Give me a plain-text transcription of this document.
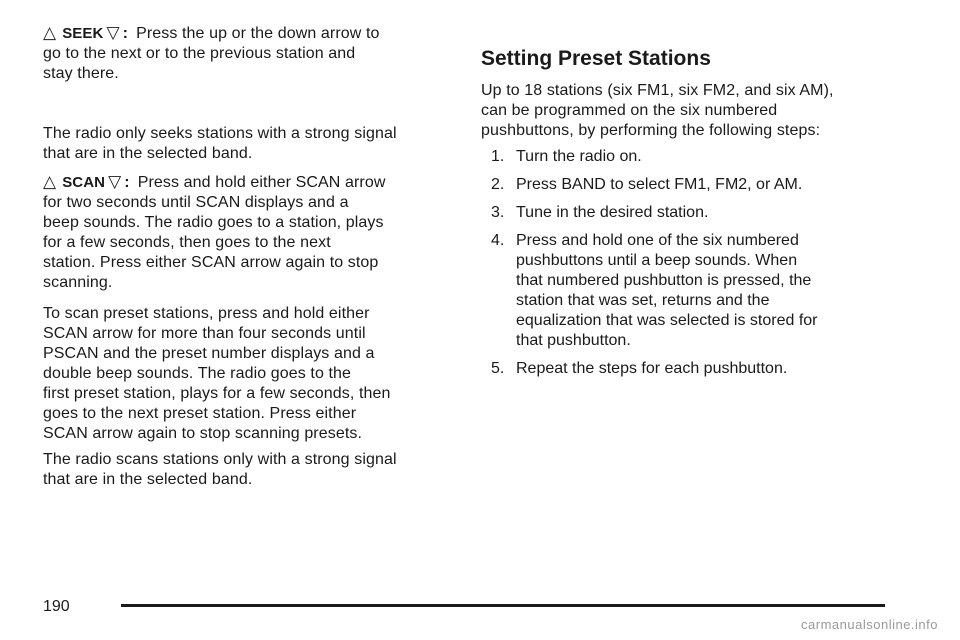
△ SEEK ▽ : Press the up or the down arrow to

go to the next or to the previous station and

stay there.

The radio only seeks stations with a strong signal

that are in the selected band.

△ SCAN ▽ : Press and hold either SCAN arrow

for two seconds until SCAN displays and a

beep sounds. The radio goes to a station, plays

for a few seconds, then goes to the next

station. Press either SCAN arrow again to stop

scanning.

To scan preset stations, press and hold either

SCAN arrow for more than four seconds until

PSCAN and the preset number displays and a

double beep sounds. The radio goes to the

first preset station, plays for a few seconds, then

goes to the next preset station. Press either

SCAN arrow again to stop scanning presets.

The radio scans stations only with a strong signal

that are in the selected band.

Setting Preset Stations

Up to 18 stations (six FM1, six FM2, and six AM),

can be programmed on the six numbered

pushbuttons, by performing the following steps:

1. Turn the radio on.
2. Press BAND to select FM1, FM2, or AM.
3. Tune in the desired station.
4. Press and hold one of the six numbered
pushbuttons until a beep sounds. When
that numbered pushbutton is pressed, the
station that was set, returns and the
equalization that was selected is stored for
that pushbutton.
5. Repeat the steps for each pushbutton.
190
carmanualsonline.info
